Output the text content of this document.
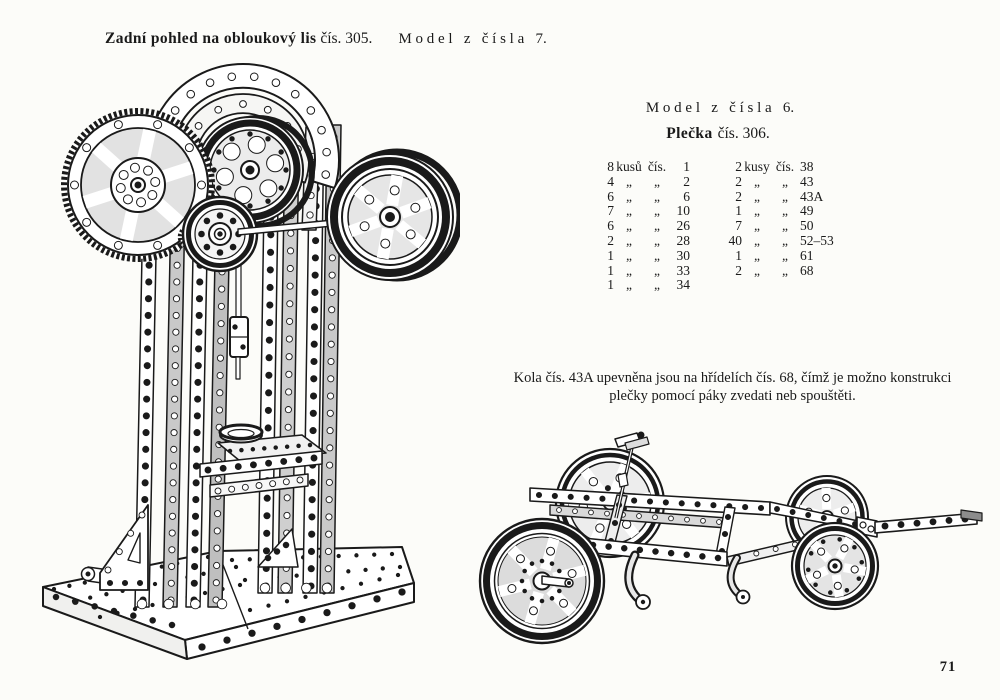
Zadní pohled na obloukový lis čís. 305. M o d e l   z   č í s l a   7.
M o d e l   z   č í s l a   6.
Plečka čís. 306.
8 kusů čís.	1
4 „	„	2
6 „	„	6
7 „	„	10
6 „	„	26
2 „	„	28
1 „	„	30
1 „	„	33
1 „	„	34
2 kusy čís. 38
2 „	„ 43
2 „	„ 43A
1 „	„ 49
7 „	„ 50
40 „	„ 52–53
1 „	„ 61
2 „	„ 68
Kola čís. 43A upevněna jsou na hřídelích čís. 68, čímž je možno konstrukci
plečky pomocí páky zvedati neb spouštěti.
71
